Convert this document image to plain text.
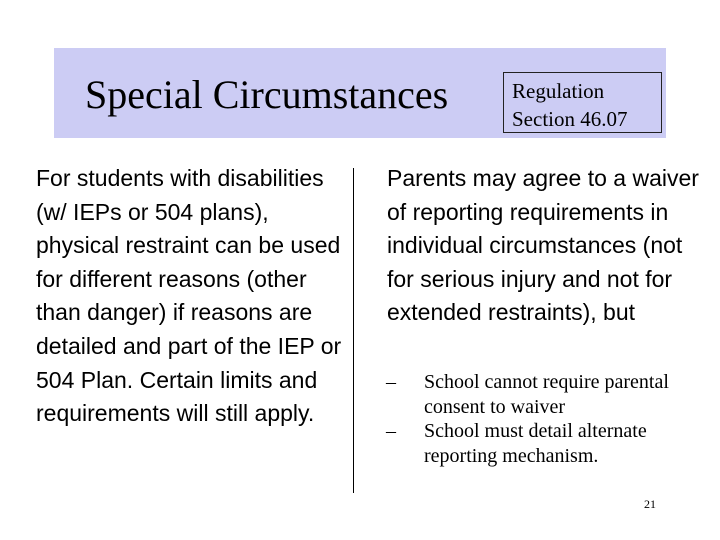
Special Circumstances	Regulation
Section 46.07
For students with disabilities (w/ IEPs or 504 plans), physical restraint can be used for different reasons (other than danger) if reasons are detailed and part of the IEP or 504 Plan. Certain limits and requirements will still apply.
Parents may agree to a waiver of reporting requirements in individual circumstances (not for serious injury and not for extended restraints), but
– School cannot require parental consent to waiver
– School must detail alternate reporting mechanism.
21
